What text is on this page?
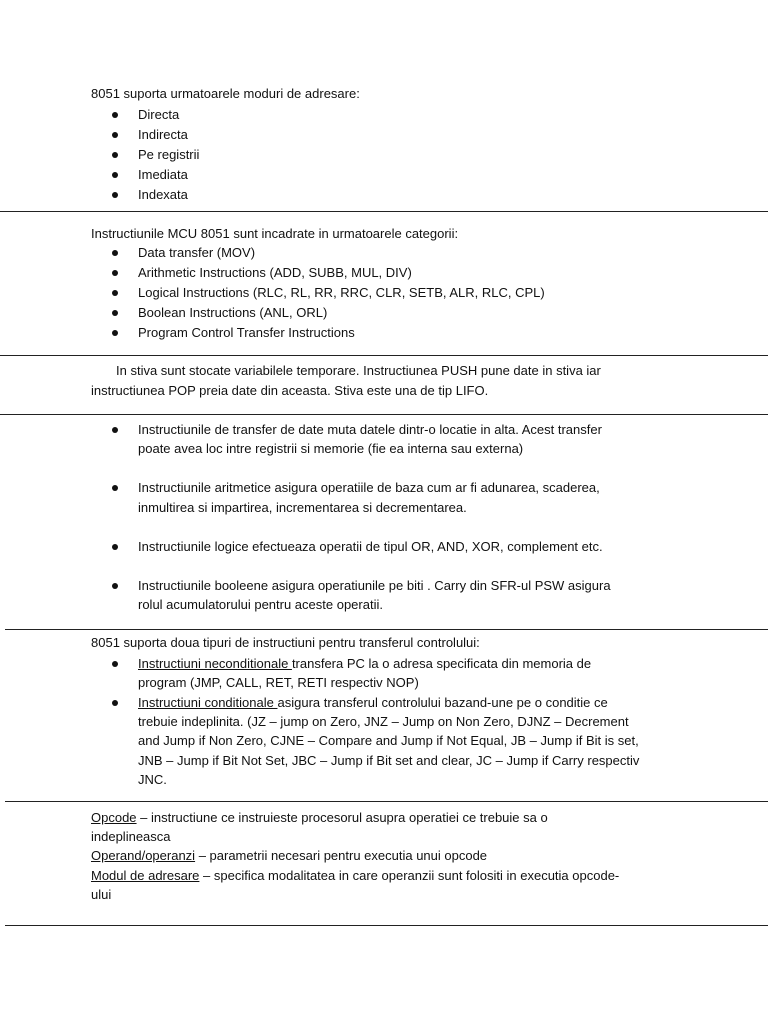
8051 suporta urmatoarele moduri de adresare:
Directa
Indirecta
Pe registrii
Imediata
Indexata
Instructiunile MCU 8051 sunt incadrate in urmatoarele categorii:
Data transfer (MOV)
Arithmetic Instructions (ADD, SUBB, MUL, DIV)
Logical Instructions (RLC, RL, RR, RRC, CLR, SETB, ALR, RLC, CPL)
Boolean Instructions (ANL, ORL)
Program Control Transfer Instructions
In stiva sunt stocate variabilele temporare. Instructiunea PUSH pune date in stiva iar
instructiunea POP preia date din aceasta. Stiva este una de tip LIFO.
Instructiunile de transfer de date muta datele dintr-o locatie in alta. Acest transfer
poate avea loc intre registrii si memorie (fie ea interna sau externa)
Instructiunile aritmetice asigura operatiile de baza cum ar fi adunarea, scaderea,
inmultirea si impartirea, incrementarea si decrementarea.
Instructiunile logice efectueaza operatii de tipul OR, AND, XOR, complement etc.
Instructiunile booleene asigura operatiunile pe biti . Carry din SFR-ul PSW asigura
rolul acumulatorului pentru aceste operatii.
8051 suporta doua tipuri de instructiuni pentru transferul controlului:
Instructiuni neconditionale transfera PC la o adresa specificata din memoria de
program (JMP, CALL, RET, RETI respectiv NOP)
Instructiuni conditionale asigura transferul controlului bazand-une pe o conditie ce
trebuie indeplinita. (JZ – jump on Zero, JNZ – Jump on Non Zero, DJNZ – Decrement
and Jump if Non Zero, CJNE – Compare and Jump if Not Equal, JB – Jump if Bit is set,
JNB – Jump if Bit Not Set, JBC – Jump if Bit set and clear, JC – Jump if Carry respectiv
JNC.
Opcode – instructiune ce instruieste procesorul asupra operatiei ce trebuie sa o
indeplineasca
Operand/operanzi – parametrii necesari pentru executia unui opcode
Modul de adresare – specifica modalitatea in care operanzii sunt folositi in executia opcode-
ului
